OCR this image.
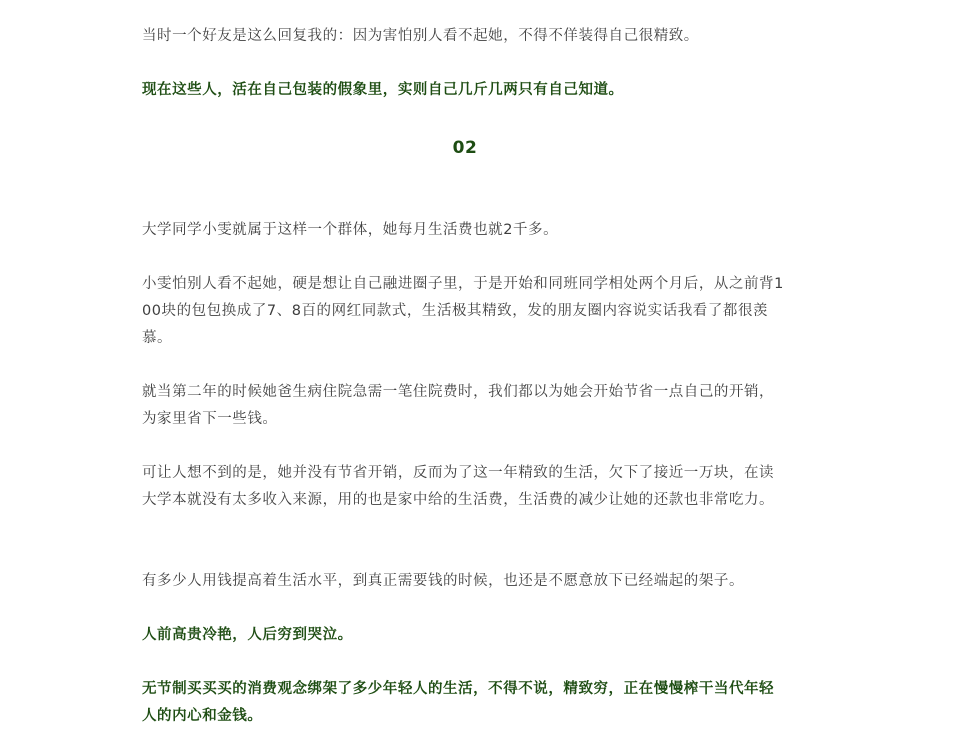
当时一个好友是这么回复我的：因为害怕别人看不起她，不得不佯装得自己很精致。

现在这些人，活在自己包装的假象里，实则自己几斤几两只有自己知道。

02

大学同学小雯就属于这样一个群体，她每月生活费也就2千多。

小雯怕别人看不起她，硬是想让自己融进圈子里，于是开始和同班同学相处两个月后，从之前背100块的包包换成了7、8百的网红同款式，生活极其精致，发的朋友圈内容说实话我看了都很羡慕。

就当第二年的时候她爸生病住院急需一笔住院费时，我们都以为她会开始节省一点自己的开销，为家里省下一些钱。

可让人想不到的是，她并没有节省开销，反而为了这一年精致的生活，欠下了接近一万块，在读大学本就没有太多收入来源，用的也是家中给的生活费，生活费的减少让她的还款也非常吃力。

有多少人用钱提高着生活水平，到真正需要钱的时候，也还是不愿意放下已经端起的架子。

人前高贵冷艳，人后穷到哭泣。

无节制买买买的消费观念绑架了多少年轻人的生活，不得不说，精致穷，正在慢慢榨干当代年轻人的内心和金钱。
